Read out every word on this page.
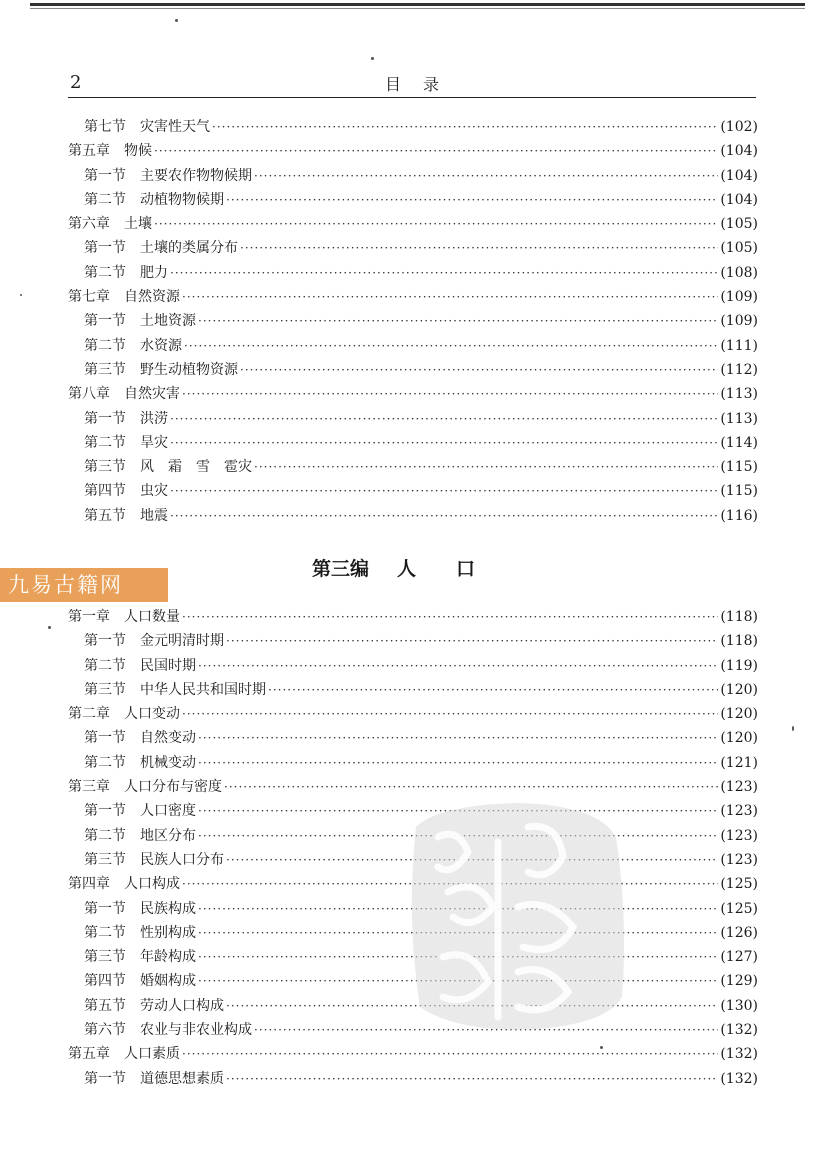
2	目录
第七节	灾害性天气 ·····	(102)
第五章	物候 ·····	(104)
第一节	主要农作物物候期 ·····	(104)
第二节	动植物物候期 ·····	(104)
第六章	土壤 ·····	(105)
第一节	土壤的类属分布 ·····	(105)
第二节	肥力 ·····	(108)
第七章	自然资源 ·····	(109)
第一节	土地资源 ·····	(109)
第二节	水资源 ·····	(111)
第三节	野生动植物资源 ·····	(112)
第八章	自然灾害 ·····	(113)
第一节	洪涝 ·····	(113)
第二节	旱灾 ·····	(114)
第三节	风　霜　雪　雹灾 ·····	(115)
第四节	虫灾 ·····	(115)
第五节	地震 ·····	(116)
九易古籍网
第三编 人口
第一章	人口数量 ·····	(118)
第一节	金元明清时期 ·····	(118)
第二节	民国时期 ·····	(119)
第三节	中华人民共和国时期 ·····	(120)
第二章	人口变动 ·····	(120)
第一节	自然变动 ·····	(120)
第二节	机械变动 ·····	(121)
第三章	人口分布与密度 ·····	(123)
第一节	人口密度 ·····	(123)
第二节	地区分布 ·····	(123)
第三节	民族人口分布 ·····	(123)
第四章	人口构成 ·····	(125)
第一节	民族构成 ·····	(125)
第二节	性别构成 ·····	(126)
第三节	年龄构成 ·····	(127)
第四节	婚姻构成 ·····	(129)
第五节	劳动人口构成 ·····	(130)
第六节	农业与非农业构成 ·····	(132)
第五章	人口素质 ·····	(132)
第一节	道德思想素质 ·····	(132)
